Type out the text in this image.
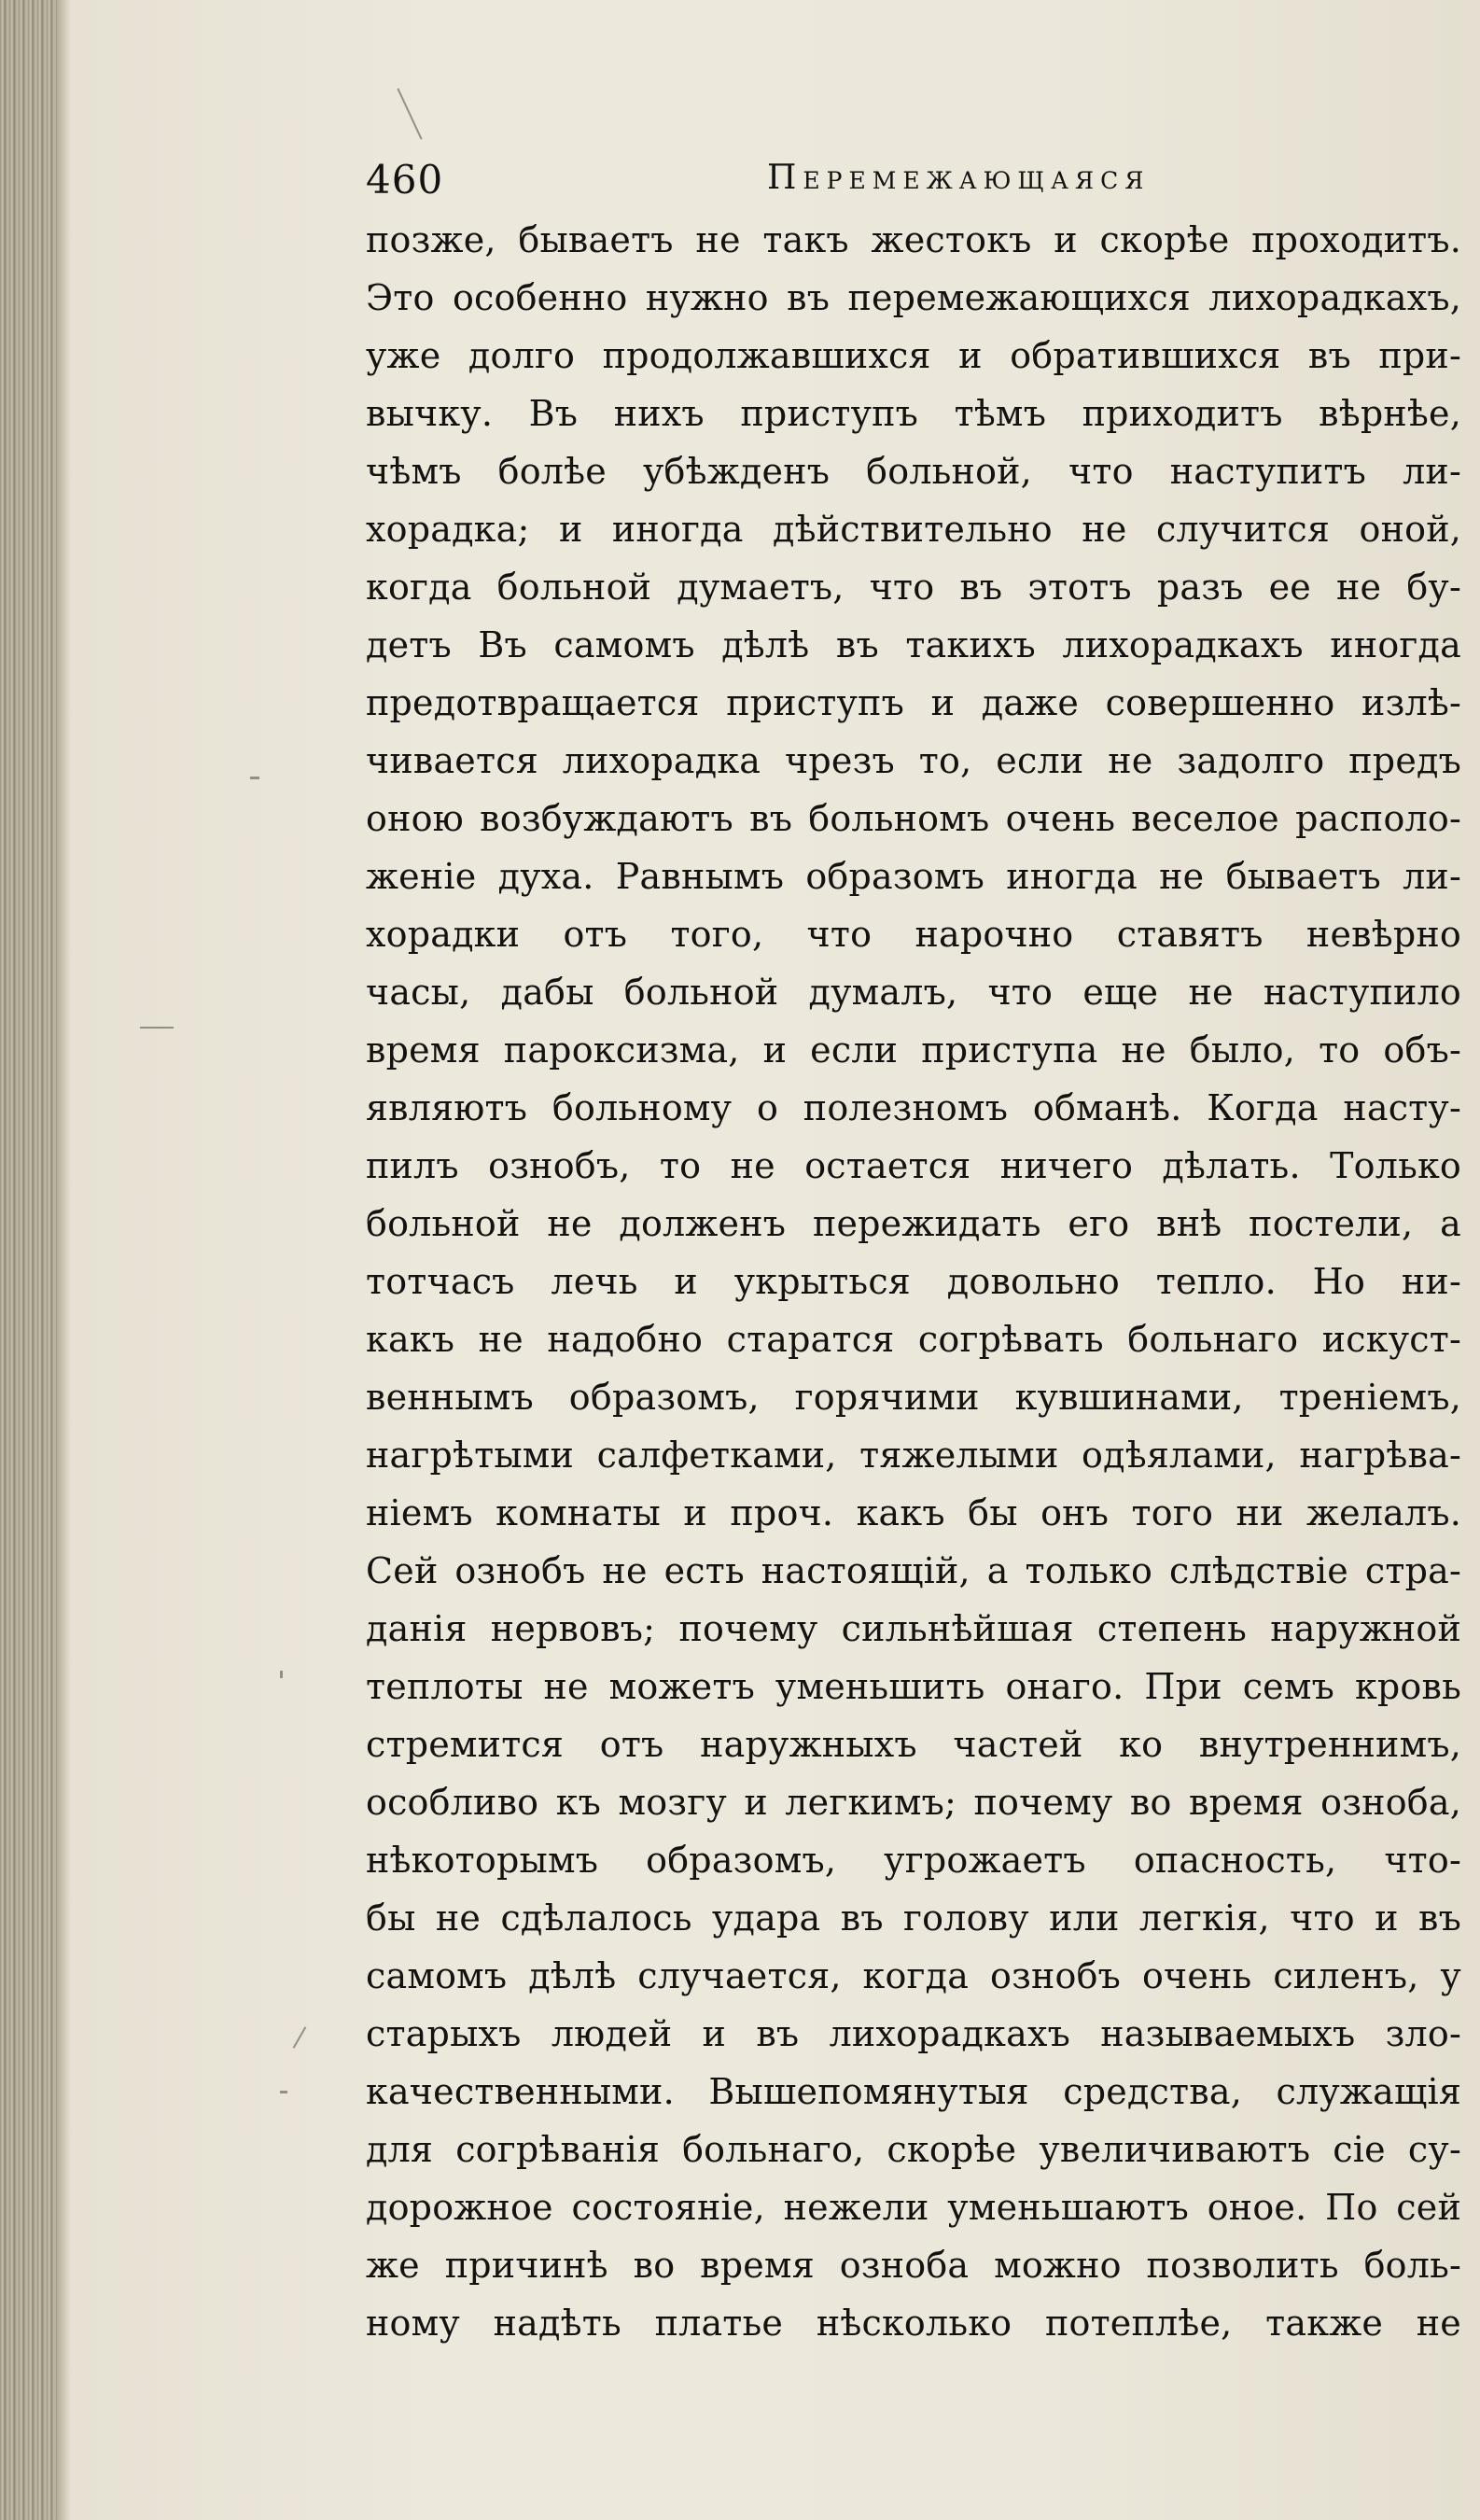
460	Перемежающаяся
позже, бываетъ не такъ жестокъ и скорѣе проходитъ.
Это особенно нужно въ перемежающихся лихорадкахъ,
уже долго продолжавшихся и обратившихся въ при-
вычку. Въ нихъ приступъ тѣмъ приходитъ вѣрнѣе,
чѣмъ болѣе убѣжденъ больной, что наступитъ ли-
хорадка; и иногда дѣйствительно не случится оной,
когда больной думаетъ, что въ этотъ разъ ее не бу-
детъ Въ самомъ дѣлѣ въ такихъ лихорадкахъ иногда
предотвращается приступъ и даже совершенно излѣ-
чивается лихорадка чрезъ то, если не задолго предъ
оною возбуждаютъ въ больномъ очень веселое располо-
женіе духа. Равнымъ образомъ иногда не бываетъ ли-
хорадки отъ того, что нарочно ставятъ невѣрно
часы, дабы больной думалъ, что еще не наступило
время пароксизма, и если приступа не было, то объ-
являютъ больному о полезномъ обманѣ. Когда насту-
пилъ ознобъ, то не остается ничего дѣлать. Только
больной не долженъ пережидать его внѣ постели, а
тотчасъ лечь и укрыться довольно тепло. Но ни-
какъ не надобно старатся согрѣвать больнаго искуст-
веннымъ образомъ, горячими кувшинами, треніемъ,
нагрѣтыми салфетками, тяжелыми одѣялами, нагрѣва-
ніемъ комнаты и проч. какъ бы онъ того ни желалъ.
Сей ознобъ не есть настоящій, а только слѣдствіе стра-
данія нервовъ; почему сильнѣйшая степень наружной
теплоты не можетъ уменьшить онаго. При семъ кровь
стремится отъ наружныхъ частей ко внутреннимъ,
особливо къ мозгу и легкимъ; почему во время озноба,
нѣкоторымъ образомъ, угрожаетъ опасность, что-
бы не сдѣлалось удара въ голову или легкія, что и въ
самомъ дѣлѣ случается, когда ознобъ очень силенъ, у
старыхъ людей и въ лихорадкахъ называемыхъ зло-
качественными. Вышепомянутыя средства, служащія
для согрѣванія больнаго, скорѣе увеличиваютъ сіе су-
дорожное состояніе, нежели уменьшаютъ оное. По сей
же причинѣ во время озноба можно позволить боль-
ному надѣть платье нѣсколько потеплѣе, также не
